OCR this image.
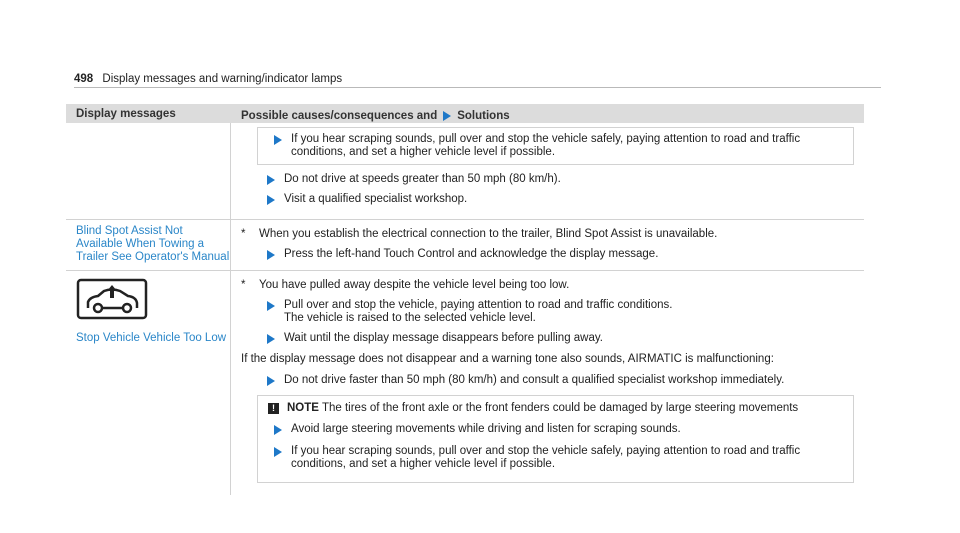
498 Display messages and warning/indicator lamps
Display messages	Possible causes/consequences and Solutions
If you hear scraping sounds, pull over and stop the vehicle safely, paying attention to road and traffic conditions, and set a higher vehicle level if possible.
Do not drive at speeds greater than 50 mph (80 km/h).
Visit a qualified specialist workshop.
Blind Spot Assist Not Available When Towing a Trailer See Operator's Manual
*	When you establish the electrical connection to the trailer, Blind Spot Assist is unavailable.
Press the left-hand Touch Control and acknowledge the display message.
Stop Vehicle Vehicle Too Low
*	You have pulled away despite the vehicle level being too low.
Pull over and stop the vehicle, paying attention to road and traffic conditions.
The vehicle is raised to the selected vehicle level.
Wait until the display message disappears before pulling away.
If the display message does not disappear and a warning tone also sounds, AIRMATIC is malfunctioning:
Do not drive faster than 50 mph (80 km/h) and consult a qualified specialist workshop immediately.
!	NOTE The tires of the front axle or the front fenders could be damaged by large steering movements
Avoid large steering movements while driving and listen for scraping sounds.
If you hear scraping sounds, pull over and stop the vehicle safely, paying attention to road and traffic conditions, and set a higher vehicle level if possible.
